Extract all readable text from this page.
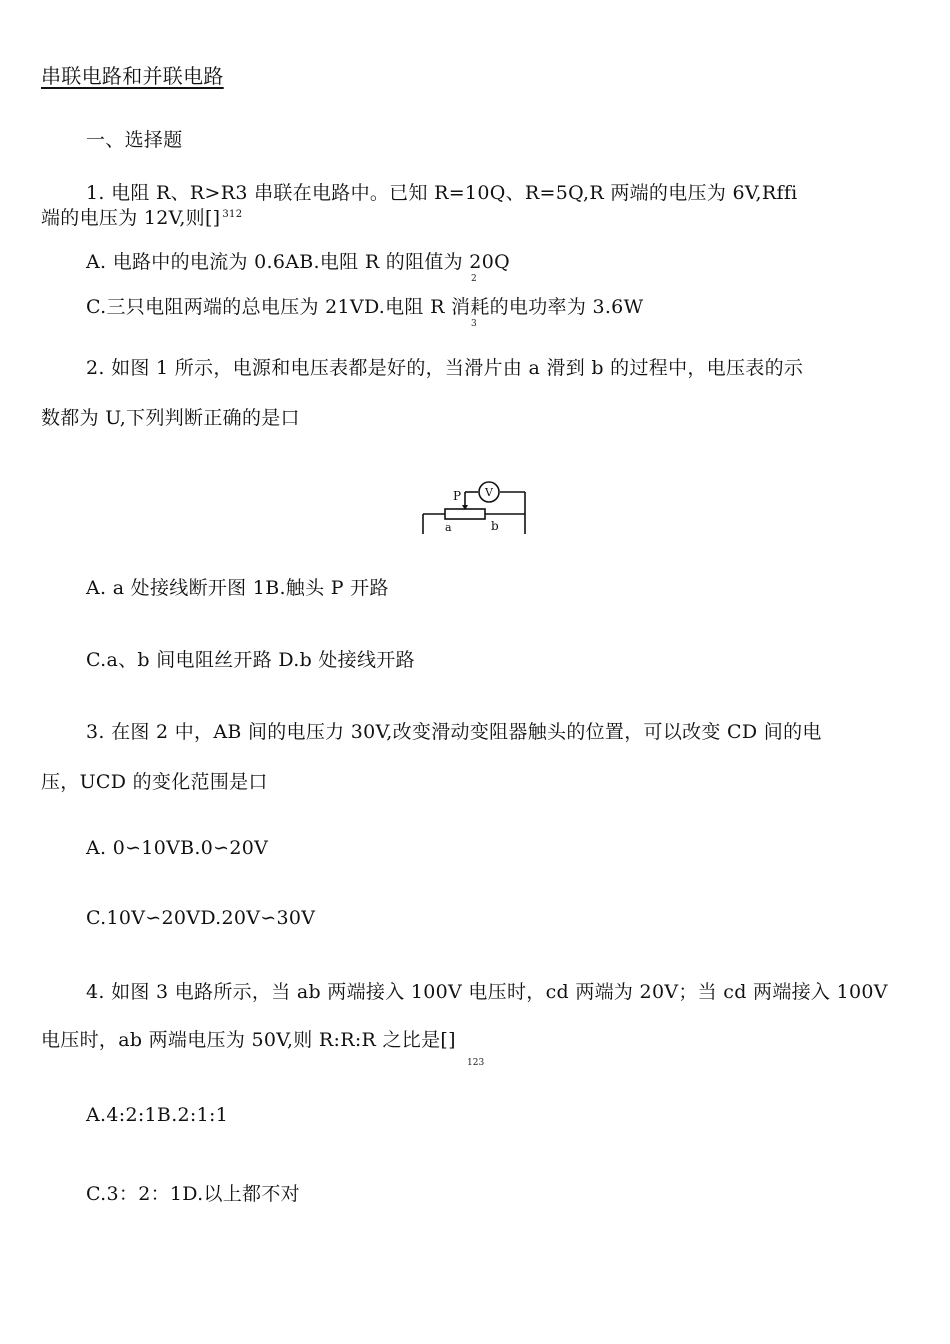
串联电路和并联电路
一、选择题
1. 电阻 R、R>R3 串联在电路中。已知 R=10Q、R=5Q,R 两端的电压为 6V,Rffi
端的电压为 12V,则[] $^{312}$
A. 电路中的电流为 0.6AB.电阻 R 的阻值为 20Q
2
C.三只电阻两端的总电压为 21VD.电阻 R 消耗的电功率为 3.6W
3
2. 如图 1 所示，电源和电压表都是好的，当滑片由 a 滑到 b 的过程中，电压表的示
数都为 U,下列判断正确的是口
V
P
a	b
A. a 处接线断开图 1B.触头 P 开路
C.a、b 间电阻丝开路 D.b 处接线开路
3. 在图 2 中，AB 间的电压力 30V,改变滑动变阻器触头的位置，可以改变 CD 间的电
压，UCD 的变化范围是口
A. 0∽10VB.0∽20V
C.10V∽20VD.20V∽30V
4. 如图 3 电路所示，当 ab 两端接入 100V 电压时，cd 两端为 20V；当 cd 两端接入 100V
电压时，ab 两端电压为 50V,则 R:R:R 之比是[]
123
A.4:2:1B.2:1:1
C.3：2：1D.以上都不对
